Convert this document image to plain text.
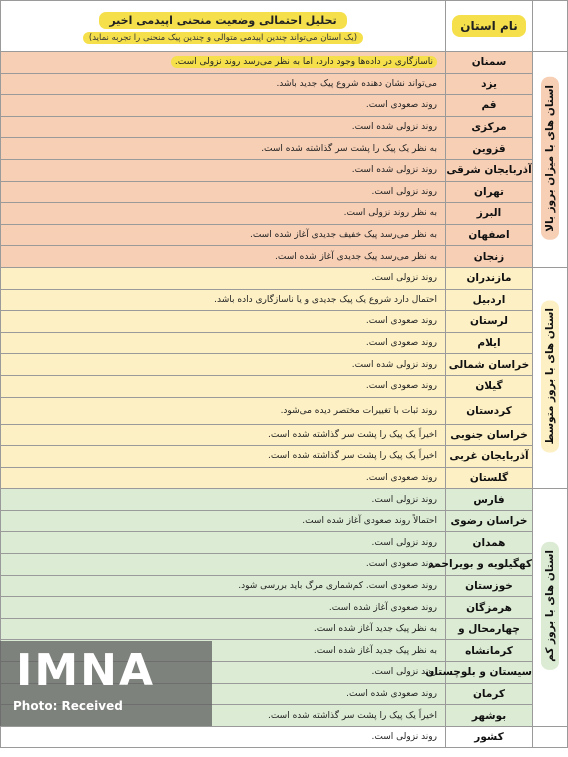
	نام استان	تحلیل احتمالی وضعیت منحنی اپیدمی اخیر
(یک استان می‌تواند چندین اپیدمی متوالی و چندین پیک منحنی را تجربه نماید)

استان های با میزان بروز بالا	سمنان	ناسازگاری در داده‌ها وجود دارد، اما به نظر می‌رسد روند نزولی است.
	یزد	می‌تواند نشان دهنده شروع پیک جدید باشد.
	قم	روند صعودی است.
	مرکزی	روند نزولی شده است.
	قزوین	به نظر یک پیک را پشت سر گذاشته شده است.
	آذربایجان شرقی	روند نزولی شده است.
	تهران	روند نزولی است.
	البرز	به نظر روند نزولی است.
	اصفهان	به نظر می‌رسد پیک خفیف جدیدی آغاز شده است.
	زنجان	به نظر می‌رسد پیک جدیدی آغاز شده است.
استان های با بروز متوسط	مازندران	روند نزولی است.
	اردبیل	احتمال دارد شروع یک پیک جدیدی و یا ناسازگاری داده باشد.
	لرستان	روند صعودی است.
	ایلام	روند صعودی است.
	خراسان شمالی	روند نزولی شده است.
	گیلان	روند صعودی است.
	کردستان	روند ثبات با تغییرات مختصر دیده می‌شود.
	خراسان جنوبی	اخیراً یک پیک را پشت سر گذاشته شده است.
	آذربایجان غربی	اخیراً یک پیک را پشت سر گذاشته شده است.
	گلستان	روند صعودی است.
استان های با بروز کم	فارس	روند نزولی است.
	خراسان رضوی	احتمالاً روند صعودی آغاز شده است.
	همدان	روند نزولی است.
	کهگیلویه و بویراحمد	روند صعودی است.
	خوزستان	روند صعودی است. کم‌شماری مرگ باید بررسی شود.
	هرمزگان	روند صعودی آغاز شده است.
	چهارمحال و	به نظر پیک جدید آغاز شده است.
	کرمانشاه	به نظر پیک جدید آغاز شده است.
	سیستان و بلوچستان	روند نزولی است.
	کرمان	روند صعودی شده است.
	بوشهر	اخیراً یک پیک را پشت سر گذاشته شده است.
	کشور	روند نزولی است.
IMNA
Photo: Received
